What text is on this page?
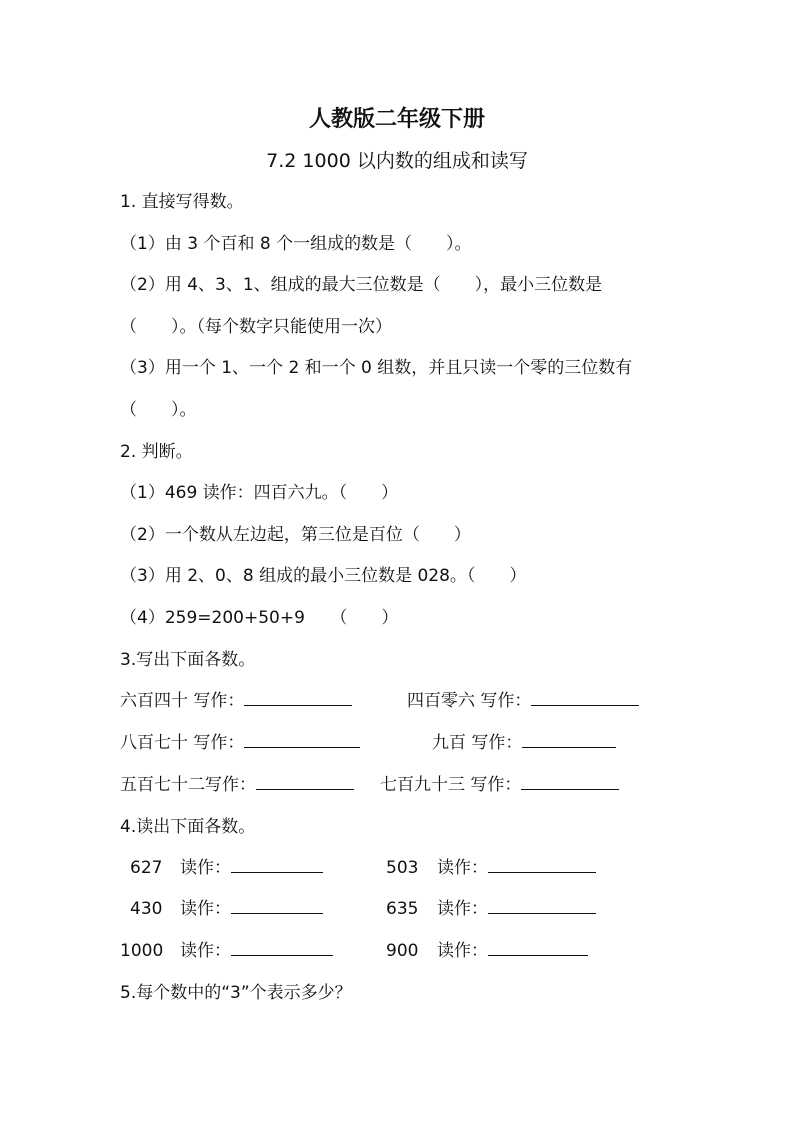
人教版二年级下册
7.2 1000 以内数的组成和读写
1. 直接写得数。
（1）由 3 个百和 8 个一组成的数是（　　）。
（2）用 4、3、1、组成的最大三位数是（　　），最小三位数是
（　　）。（每个数字只能使用一次）
（3）用一个 1、一个 2 和一个 0 组数，并且只读一个零的三位数有
（　　）。
2. 判断。
（1）469 读作：四百六九。（　　）
（2）一个数从左边起，第三位是百位（　　）
（3）用 2、0、8 组成的最小三位数是 028。（　　）
（4）259=200+50+9　　（　　）
3.写出下面各数。
六百四十 写作：	四百零六 写作：
八百七十 写作：	九百 写作：
五百七十二写作：	七百九十三 写作：
4.读出下面各数。
627 读作：	503 读作：
430 读作：	635 读作：
1000 读作：	900 读作：
5.每个数中的“3”个表示多少？
